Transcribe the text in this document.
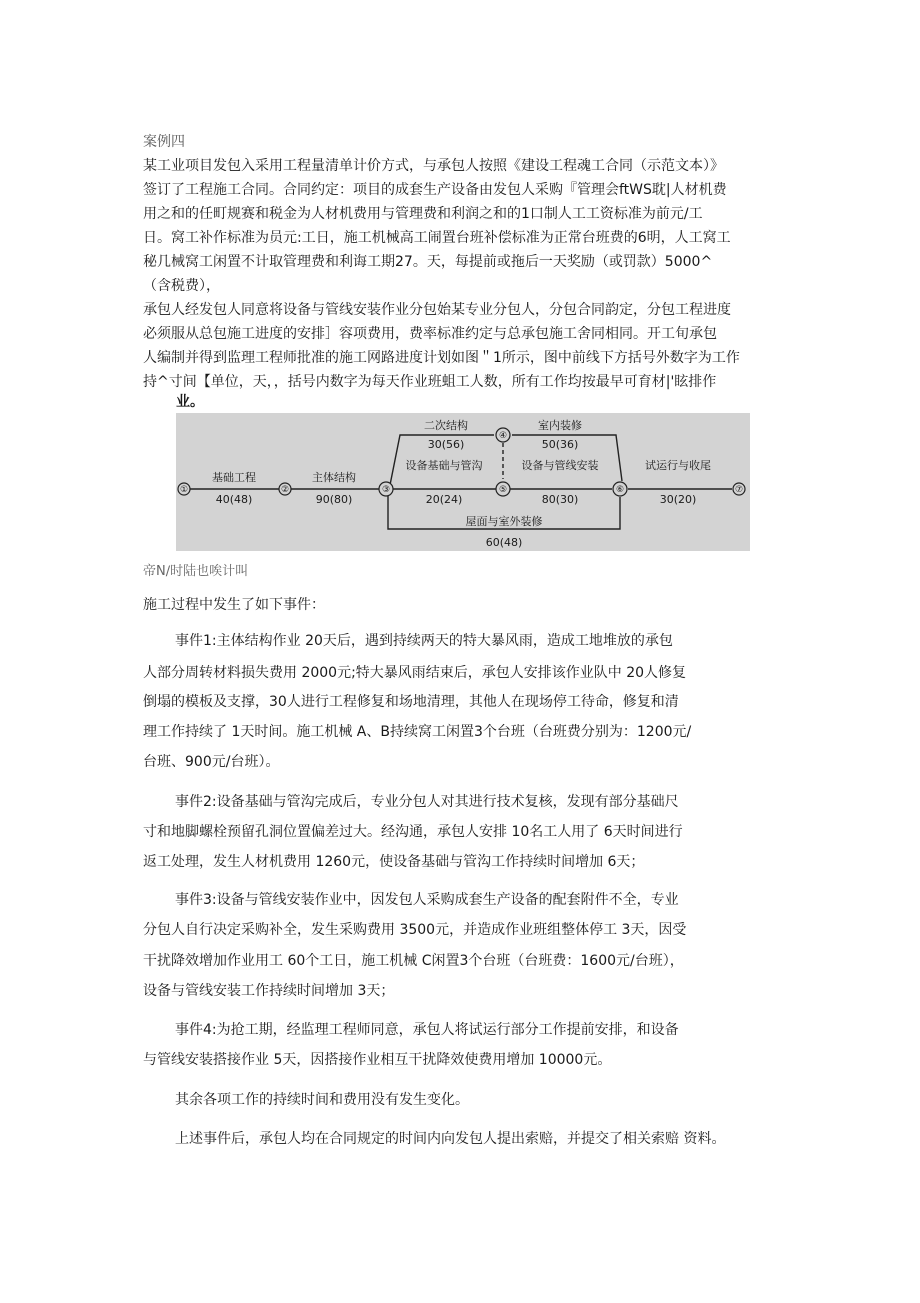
案例四
某工业项目发包入采用工程量清单计价方式，与承包人按照《建设工程魂工合同（示范文本）》
签订了工程施工合同。合同约定：项目的成套生产设备由发包人采购『管理会ftWS耽|人材机费
用之和的任町规赛和税金为人材机费用与管理费和利润之和的1口制人工工资标准为前元/工
日。窝工补作标准为员元:工日，施工机械高工闹置台班补偿标准为正常台班费的6明，人工窝工
秘几械窝工闲置不计取管理费和利诲工期27。天，每提前或拖后一天奖励（或罚款）5000^
（含税费），
承包人经发包人同意将设备与管线安装作业分包始某专业分包人，分包合同韵定，分包工程进度
必须服从总包施工进度的安排］容项费用，费率标准约定与总承包施工舍同相同。开工旬承包
人编制并得到监理工程师批准的施工网路进度计划如图＂1所示，图中前线下方括号外数字为工作
持^寸间【单位，天，，括号内数字为每天作业班蛆工人数，所有工作均按最早可育材|'眩排作
业。
基础工程
40(48)
主体结构
90(80)
二次结构
30(56)
设备基础与管沟
20(24)
室内装修
50(36)
设备与管线安装
80(30)
屋面与室外装修
60(48)
试运行与收尾
30(20)
①	②	③
④
⑤	⑥	⑦
帝N∕时陆也唉计叫
施工过程中发生了如下事件：
事件1:主体结构作业 20天后，遇到持续两天的特大暴风雨，造成工地堆放的承包
人部分周转材料损失费用 2000元;特大暴风雨结束后，承包人安排该作业队中 20人修复
倒塌的模板及支撑，30人进行工程修复和场地清理，其他人在现场停工待命，修复和清
理工作持续了 1天时间。施工机械 A、B持续窝工闲置3个台班（台班费分别为：1200元/
台班、900元/台班）。
事件2:设备基础与管沟完成后，专业分包人对其进行技术复核，发现有部分基础尺
寸和地脚螺栓预留孔洞位置偏差过大。经沟通，承包人安排 10名工人用了 6天时间进行
返工处理，发生人材机费用 1260元，使设备基础与管沟工作持续时间增加 6天；
事件3:设备与管线安装作业中，因发包人采购成套生产设备的配套附件不全，专业
分包人自行决定采购补全，发生采购费用 3500元，并造成作业班组整体停工 3天，因受
干扰降效增加作业用工 60个工日，施工机械 C闲置3个台班（台班费：1600元/台班），
设备与管线安装工作持续时间增加 3天；
事件4:为抢工期，经监理工程师同意，承包人将试运行部分工作提前安排，和设备
与管线安装搭接作业 5天，因搭接作业相互干扰降效使费用增加 10000元。
其余各项工作的持续时间和费用没有发生变化。
上述事件后，承包人均在合同规定的时间内向发包人提出索赔，并提交了相关索赔 资料。
